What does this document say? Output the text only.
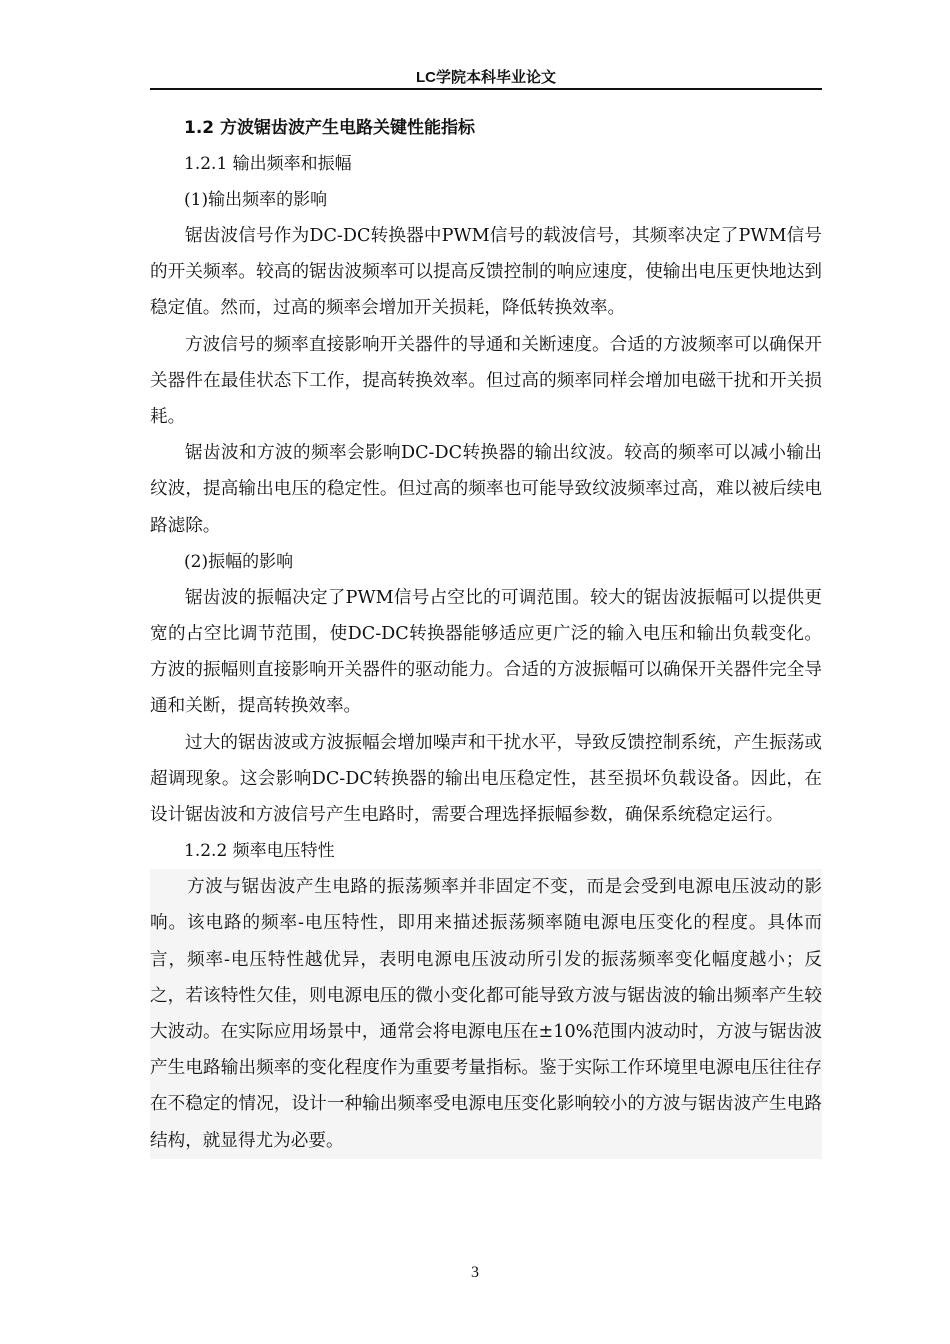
LC学院本科毕业论文
1.2 方波锯齿波产生电路关键性能指标
1.2.1 输出频率和振幅
(1)输出频率的影响

锯齿波信号作为DC-DC转换器中PWM信号的载波信号，其频率决定了PWM信号的开关频率。较高的锯齿波频率可以提高反馈控制的响应速度，使输出电压更快地达到稳定值。然而，过高的频率会增加开关损耗，降低转换效率。

方波信号的频率直接影响开关器件的导通和关断速度。合适的方波频率可以确保开关器件在最佳状态下工作，提高转换效率。但过高的频率同样会增加电磁干扰和开关损耗。

锯齿波和方波的频率会影响DC-DC转换器的输出纹波。较高的频率可以减小输出纹波，提高输出电压的稳定性。但过高的频率也可能导致纹波频率过高，难以被后续电路滤除。

(2)振幅的影响

锯齿波的振幅决定了PWM信号占空比的可调范围。较大的锯齿波振幅可以提供更宽的占空比调节范围，使DC-DC转换器能够适应更广泛的输入电压和输出负载变化。方波的振幅则直接影响开关器件的驱动能力。合适的方波振幅可以确保开关器件完全导通和关断，提高转换效率。

过大的锯齿波或方波振幅会增加噪声和干扰水平，导致反馈控制系统，产生振荡或超调现象。这会影响DC-DC转换器的输出电压稳定性，甚至损坏负载设备。因此，在设计锯齿波和方波信号产生电路时，需要合理选择振幅参数，确保系统稳定运行。

1.2.2 频率电压特性

方波与锯齿波产生电路的振荡频率并非固定不变，而是会受到电源电压波动的影响。该电路的频率-电压特性，即用来描述振荡频率随电源电压变化的程度。具体而言，频率-电压特性越优异，表明电源电压波动所引发的振荡频率变化幅度越小；反之，若该特性欠佳，则电源电压的微小变化都可能导致方波与锯齿波的输出频率产生较大波动。在实际应用场景中，通常会将电源电压在±10%范围内波动时，方波与锯齿波产生电路输出频率的变化程度作为重要考量指标。鉴于实际工作环境里电源电压往往存在不稳定的情况，设计一种输出频率受电源电压变化影响较小的方波与锯齿波产生电路结构，就显得尤为必要。

3
